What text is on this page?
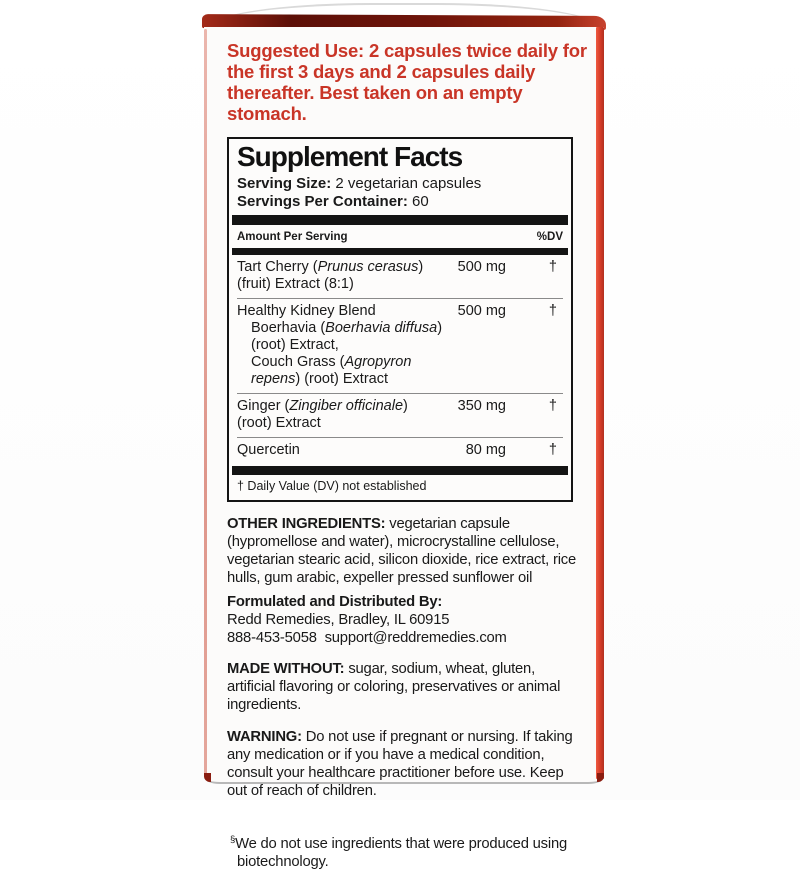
Suggested Use: 2 capsules twice daily for
the first 3 days and 2 capsules daily
thereafter. Best taken on an empty stomach.

Supplement Facts

Serving Size: 2 vegetarian capsules

Servings Per Container: 60

Amount Per Serving	%DV
Tart Cherry (Prunus cerasus)
(fruit) Extract (8:1)
500 mg	†
Healthy Kidney Blend
Boerhavia (Boerhavia diffusa) (root) Extract,
Couch Grass (Agropyron repens) (root) Extract
500 mg	†
Ginger (Zingiber officinale)
(root) Extract
350 mg	†
Quercetin	80 mg	†

† Daily Value (DV) not established

OTHER INGREDIENTS: vegetarian capsule (hypromellose and water), microcrystalline cellulose, vegetarian stearic acid, silicon dioxide, rice extract, rice hulls, gum arabic, expeller pressed sunflower oil

Formulated and Distributed By:
Redd Remedies, Bradley, IL 60915
888-453-5058  support@reddremedies.com

MADE WITHOUT: sugar, sodium, wheat, gluten, artificial flavoring or coloring, preservatives or animal ingredients.

WARNING: Do not use if pregnant or nursing. If taking any medication or if you have a medical condition, consult your healthcare practitioner before use. Keep out of reach of children.

§We do not use ingredients that were produced using biotechnology.
